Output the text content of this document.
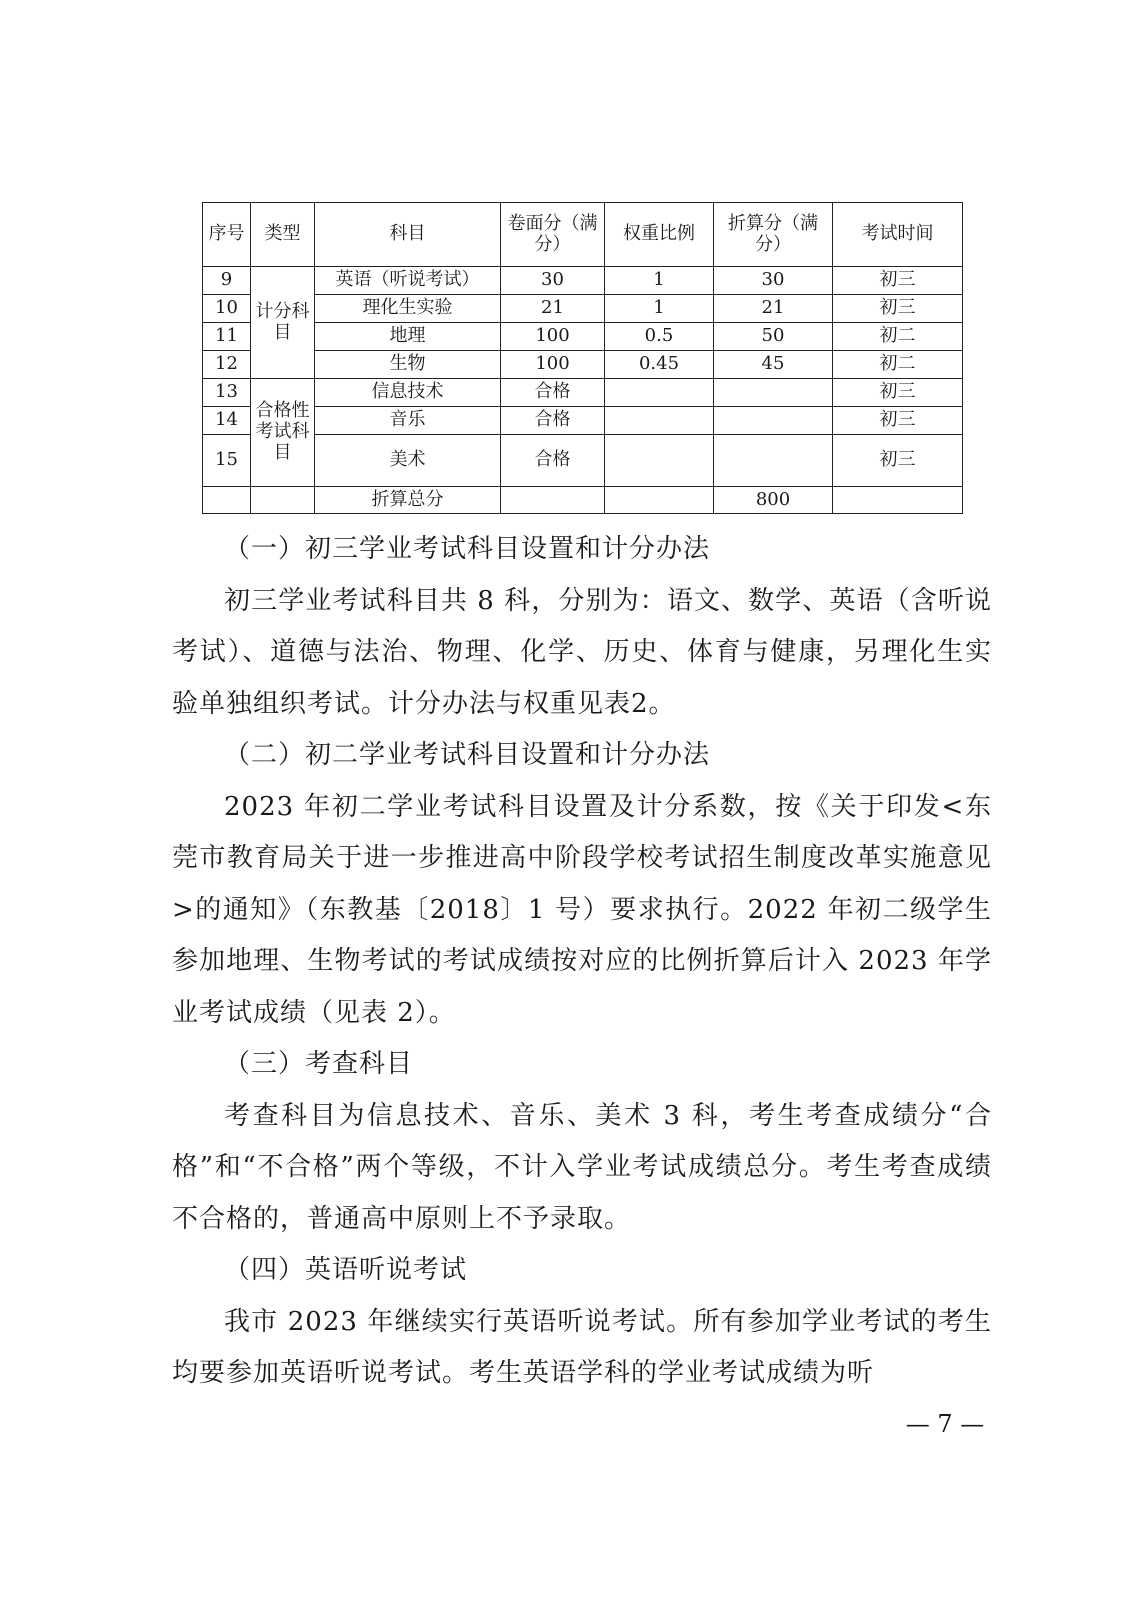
序号	类型	科目	卷面分（满分）	权重比例	折算分（满分）	考试时间
9	计分科目	英语（听说考试）	30	1	30	初三
10		理化生实验	21	1	21	初三
11		地理	100	0.5	50	初二
12		生物	100	0.45	45	初二
13	合格性考试科目	信息技术	合格			初三
14		音乐	合格			初三
15		美术	合格			初三
		折算总分			800	

（一）初三学业考试科目设置和计分办法

初三学业考试科目共 8 科，分别为：语文、数学、英语（含听说考试）、道德与法治、物理、化学、历史、体育与健康，另理化生实验单独组织考试。计分办法与权重见表2。

（二）初二学业考试科目设置和计分办法

2023 年初二学业考试科目设置及计分系数，按《关于印发<东莞市教育局关于进一步推进高中阶段学校考试招生制度改革实施意见>的通知》（东教基〔2018〕1 号）要求执行。2022 年初二级学生参加地理、生物考试的考试成绩按对应的比例折算后计入 2023 年学业考试成绩（见表 2）。

（三）考查科目

考查科目为信息技术、音乐、美术 3 科，考生考查成绩分“合格”和“不合格”两个等级，不计入学业考试成绩总分。考生考查成绩不合格的，普通高中原则上不予录取。

（四）英语听说考试

我市 2023 年继续实行英语听说考试。所有参加学业考试的考生均要参加英语听说考试。考生英语学科的学业考试成绩为听

— 7 —
